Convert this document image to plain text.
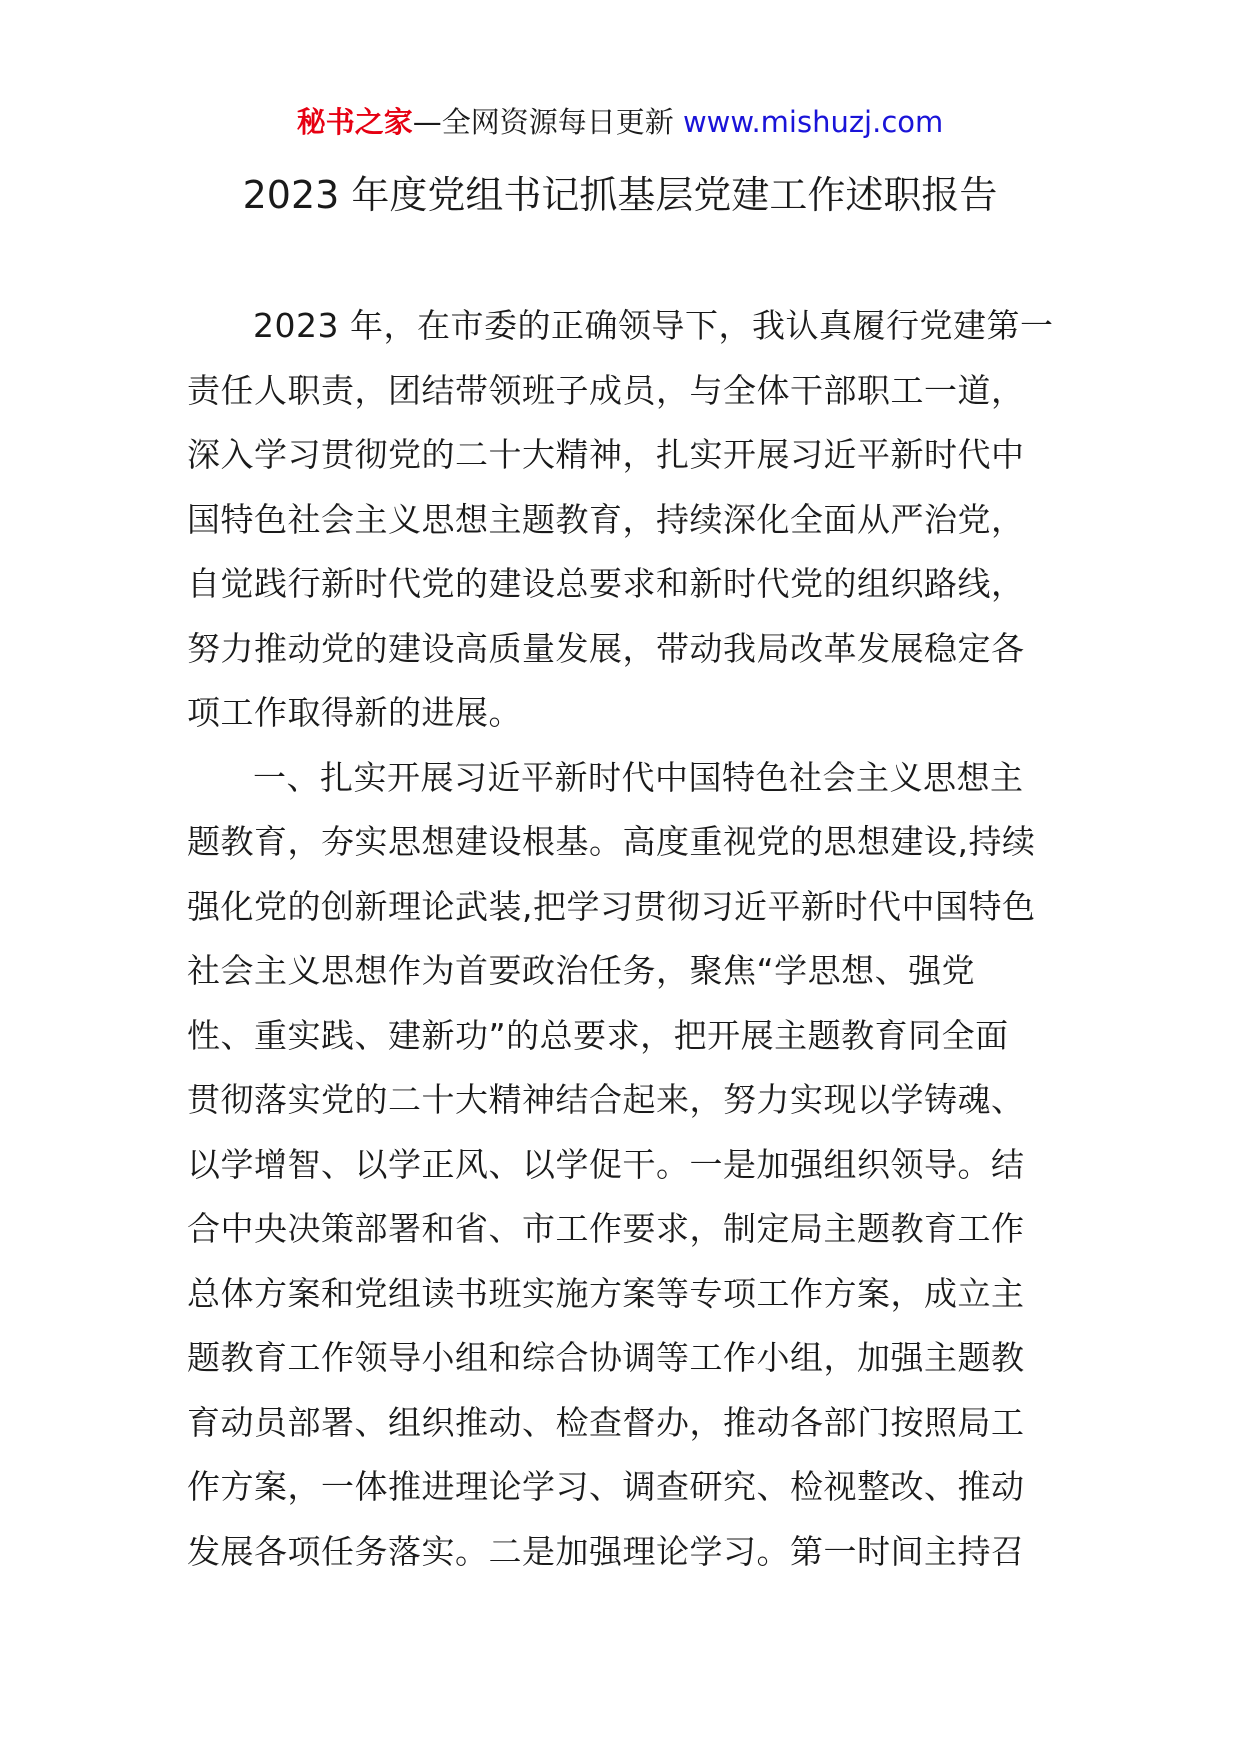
秘书之家—全网资源每日更新 www.mishuzj.com
2023 年度党组书记抓基层党建工作述职报告
2023 年，在市委的正确领导下，我认真履行党建第一
责任人职责，团结带领班子成员，与全体干部职工一道，
深入学习贯彻党的二十大精神，扎实开展习近平新时代中
国特色社会主义思想主题教育，持续深化全面从严治党，
自觉践行新时代党的建设总要求和新时代党的组织路线，
努力推动党的建设高质量发展，带动我局改革发展稳定各
项工作取得新的进展。
一、扎实开展习近平新时代中国特色社会主义思想主
题教育，夯实思想建设根基。高度重视党的思想建设,持续
强化党的创新理论武装,把学习贯彻习近平新时代中国特色
社会主义思想作为首要政治任务，聚焦“学思想、强党
性、重实践、建新功”的总要求，把开展主题教育同全面
贯彻落实党的二十大精神结合起来，努力实现以学铸魂、
以学增智、以学正风、以学促干。一是加强组织领导。结
合中央决策部署和省、市工作要求，制定局主题教育工作
总体方案和党组读书班实施方案等专项工作方案，成立主
题教育工作领导小组和综合协调等工作小组，加强主题教
育动员部署、组织推动、检查督办，推动各部门按照局工
作方案，一体推进理论学习、调查研究、检视整改、推动
发展各项任务落实。二是加强理论学习。第一时间主持召
